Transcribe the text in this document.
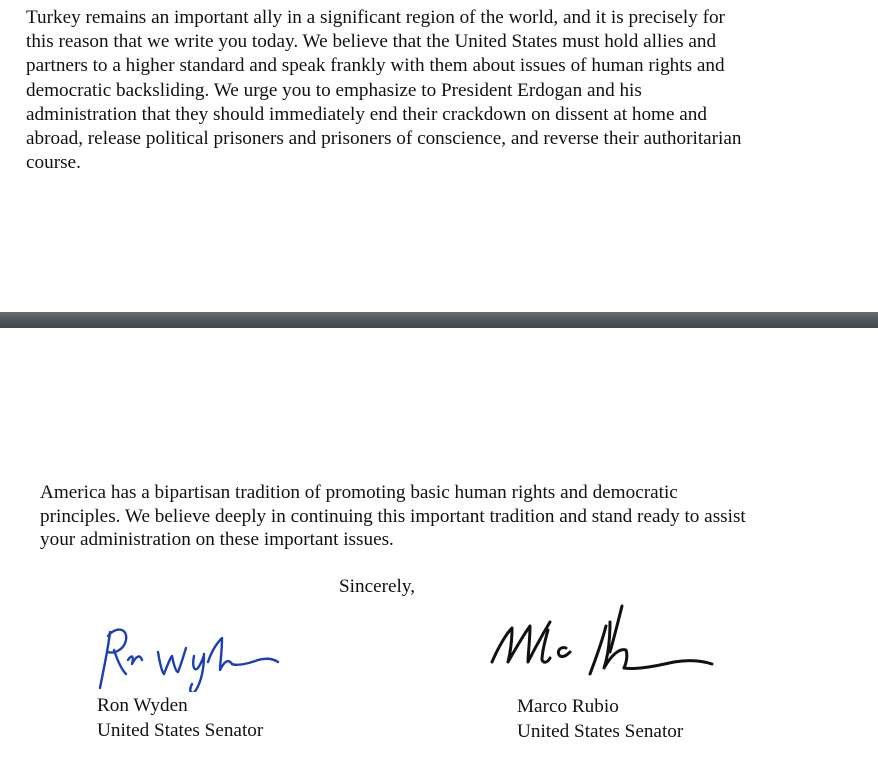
Turkey remains an important ally in a significant region of the world, and it is precisely for
this reason that we write you today. We believe that the United States must hold allies and
partners to a higher standard and speak frankly with them about issues of human rights and
democratic backsliding. We urge you to emphasize to President Erdogan and his
administration that they should immediately end their crackdown on dissent at home and
abroad, release political prisoners and prisoners of conscience, and reverse their authoritarian
course.

America has a bipartisan tradition of promoting basic human rights and democratic
principles. We believe deeply in continuing this important tradition and stand ready to assist
your administration on these important issues.

Sincerely,

Ron Wyden
United States Senator
Marco Rubio
United States Senator
